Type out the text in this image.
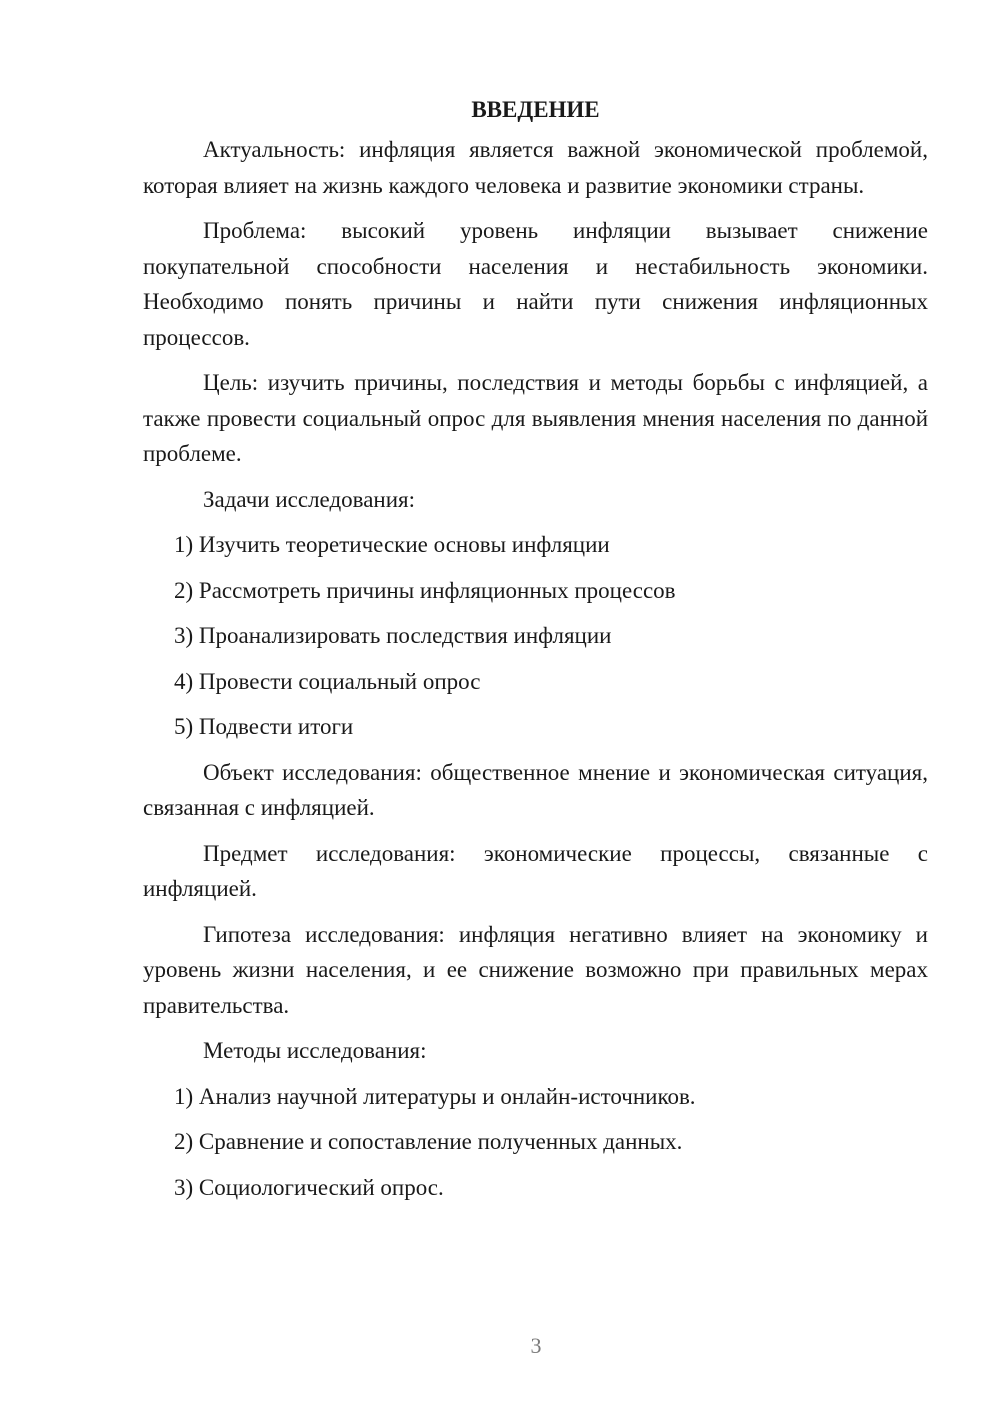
ВВЕДЕНИЕ

Актуальность: инфляция является важной экономической проблемой, которая влияет на жизнь каждого человека и развитие экономики страны.

Проблема: высокий уровень инфляции вызывает снижение покупательной способности населения и нестабильность экономики. Необходимо понять причины и найти пути снижения инфляционных процессов.

Цель: изучить причины, последствия и методы борьбы с инфляцией, а также провести социальный опрос для выявления мнения населения по данной проблеме.

Задачи исследования:

1) Изучить теоретические основы инфляции
2) Рассмотреть причины инфляционных процессов
3) Проанализировать последствия инфляции
4) Провести социальный опрос
5) Подвести итоги

Объект исследования: общественное мнение и экономическая ситуация, связанная с инфляцией.

Предмет исследования: экономические процессы, связанные с инфляцией.

Гипотеза исследования: инфляция негативно влияет на экономику и уровень жизни населения, и ее снижение возможно при правильных мерах правительства.

Методы исследования:

1) Анализ научной литературы и онлайн-источников.
2) Сравнение и сопоставление полученных данных.
3) Социологический опрос.
3
